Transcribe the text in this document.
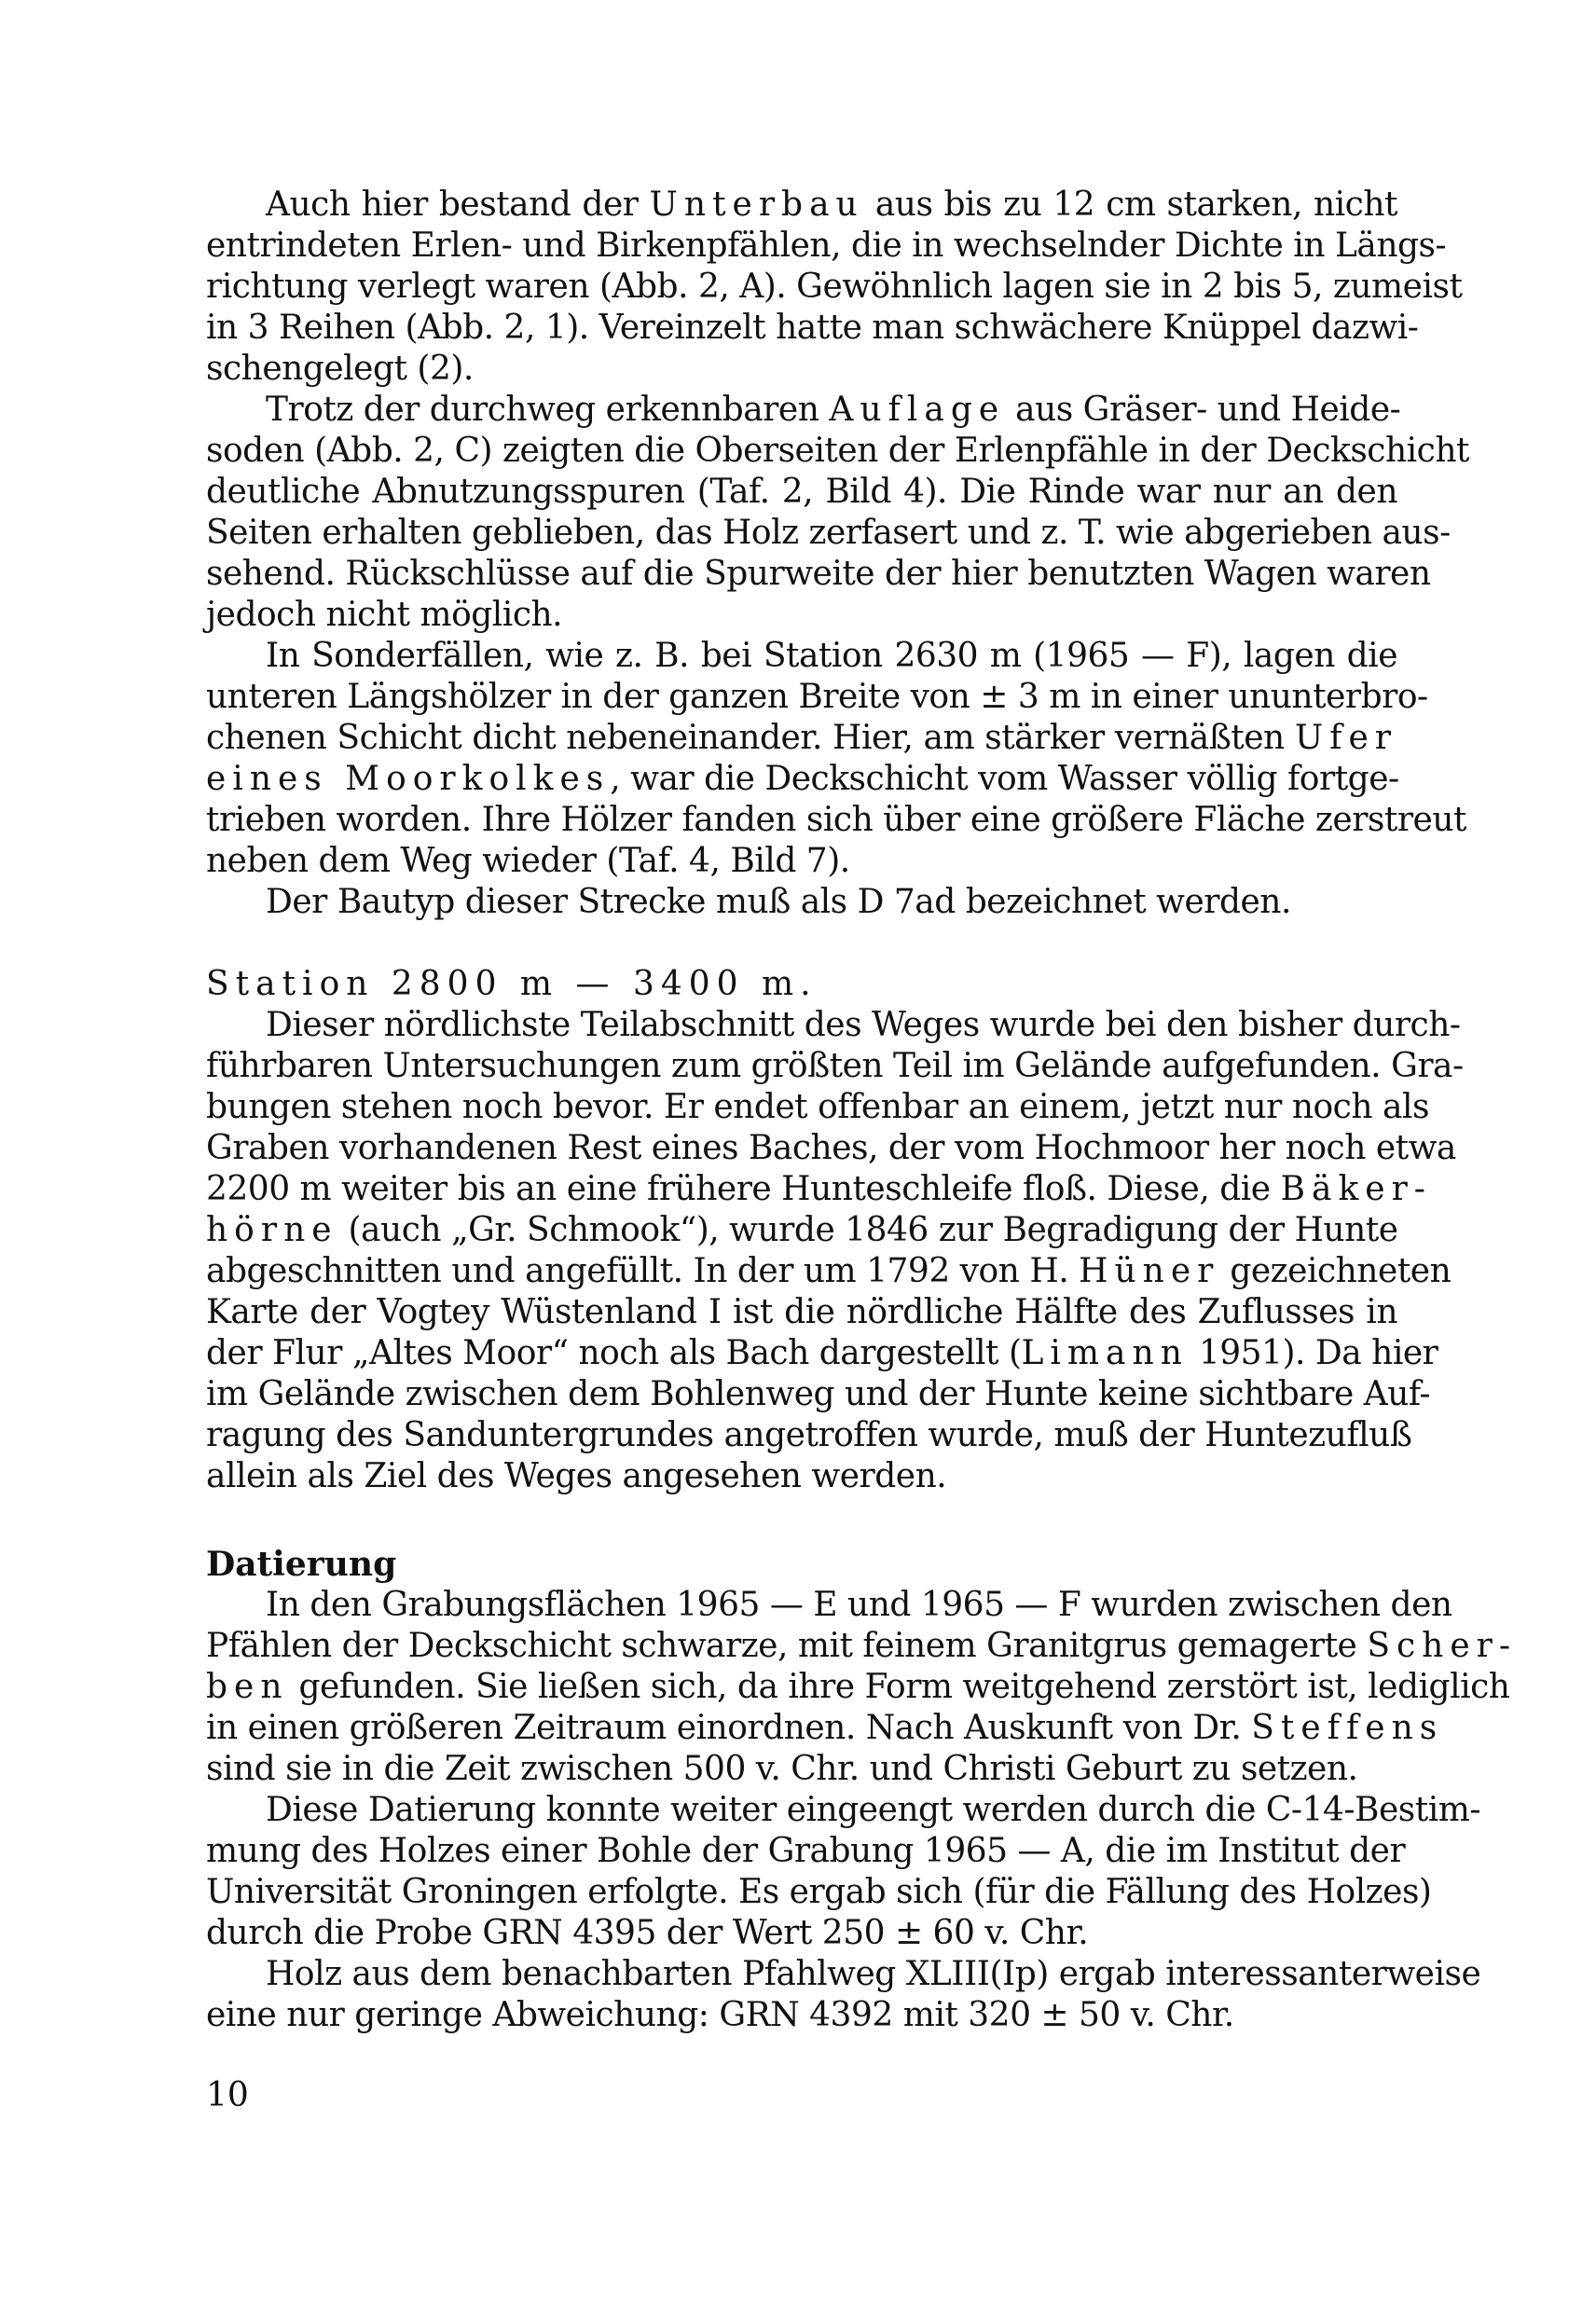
Auch hier bestand der Unterbau aus bis zu 12 cm starken, nicht
entrindeten Erlen- und Birkenpfählen, die in wechselnder Dichte in Längs-
richtung verlegt waren (Abb. 2, A). Gewöhnlich lagen sie in 2 bis 5, zumeist
in 3 Reihen (Abb. 2, 1). Vereinzelt hatte man schwächere Knüppel dazwi-
schengelegt (2).
Trotz der durchweg erkennbaren Auflage aus Gräser- und Heide-
soden (Abb. 2, C) zeigten die Oberseiten der Erlenpfähle in der Deckschicht
deutliche Abnutzungsspuren (Taf. 2, Bild 4). Die Rinde war nur an den
Seiten erhalten geblieben, das Holz zerfasert und z. T. wie abgerieben aus-
sehend. Rückschlüsse auf die Spurweite der hier benutzten Wagen waren
jedoch nicht möglich.
In Sonderfällen, wie z. B. bei Station 2630 m (1965 — F), lagen die
unteren Längshölzer in der ganzen Breite von ± 3 m in einer ununterbro-
chenen Schicht dicht nebeneinander. Hier, am stärker vernäßten Ufer
eines Moorkolkes, war die Deckschicht vom Wasser völlig fortge-
trieben worden. Ihre Hölzer fanden sich über eine größere Fläche zerstreut
neben dem Weg wieder (Taf. 4, Bild 7).
Der Bautyp dieser Strecke muß als D 7ad bezeichnet werden.
Station 2800 m — 3400 m.
Dieser nördlichste Teilabschnitt des Weges wurde bei den bisher durch-
führbaren Untersuchungen zum größten Teil im Gelände aufgefunden. Gra-
bungen stehen noch bevor. Er endet offenbar an einem, jetzt nur noch als
Graben vorhandenen Rest eines Baches, der vom Hochmoor her noch etwa
2200 m weiter bis an eine frühere Hunteschleife floß. Diese, die Bäker-
hörne (auch „Gr. Schmook“), wurde 1846 zur Begradigung der Hunte
abgeschnitten und angefüllt. In der um 1792 von H. Hüner gezeichneten
Karte der Vogtey Wüstenland I ist die nördliche Hälfte des Zuflusses in
der Flur „Altes Moor“ noch als Bach dargestellt (Limann 1951). Da hier
im Gelände zwischen dem Bohlenweg und der Hunte keine sichtbare Auf-
ragung des Sanduntergrundes angetroffen wurde, muß der Huntezufluß
allein als Ziel des Weges angesehen werden.
Datierung
In den Grabungsflächen 1965 — E und 1965 — F wurden zwischen den
Pfählen der Deckschicht schwarze, mit feinem Granitgrus gemagerte Scher-
ben gefunden. Sie ließen sich, da ihre Form weitgehend zerstört ist, lediglich
in einen größeren Zeitraum einordnen. Nach Auskunft von Dr. Steffens
sind sie in die Zeit zwischen 500 v. Chr. und Christi Geburt zu setzen.
Diese Datierung konnte weiter eingeengt werden durch die C-14-Bestim-
mung des Holzes einer Bohle der Grabung 1965 — A, die im Institut der
Universität Groningen erfolgte. Es ergab sich (für die Fällung des Holzes)
durch die Probe GRN 4395 der Wert 250 ± 60 v. Chr.
Holz aus dem benachbarten Pfahlweg XLIII(Ip) ergab interessanterweise
eine nur geringe Abweichung: GRN 4392 mit 320 ± 50 v. Chr.
10
